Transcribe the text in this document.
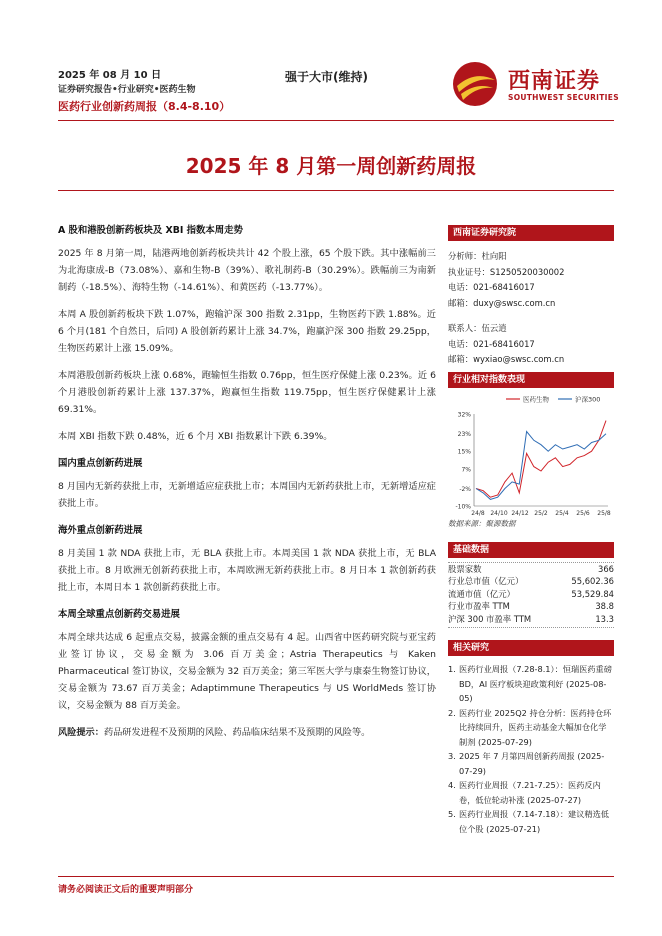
2025 年 08 月 10 日
证券研究报告•行业研究•医药生物
医药行业创新药周报（8.4-8.10）
强于大市(维持)	西南证券
SOUTHWEST SECURITIES
2025 年 8 月第一周创新药周报
A 股和港股创新药板块及 XBI 指数本周走势
2025 年 8 月第一周，陆港两地创新药板块共计 42 个股上涨，65 个股下跌。其中涨幅前三为北海康成-B（73.08%）、嘉和生物-B（39%）、歌礼制药-B（30.29%）。跌幅前三为南新制药（-18.5%）、海特生物（-14.61%）、和黄医药（-13.77%）。
本周 A 股创新药板块下跌 1.07%，跑输沪深 300 指数 2.31pp，生物医药下跌 1.88%。近 6 个月(181 个自然日，后同) A 股创新药累计上涨 34.7%，跑赢沪深 300 指数 29.25pp，生物医药累计上涨 15.09%。
本周港股创新药板块上涨 0.68%，跑输恒生指数 0.76pp，恒生医疗保健上涨 0.23%。近 6 个月港股创新药累计上涨 137.37%，跑赢恒生指数 119.75pp，恒生医疗保健累计上涨 69.31%。
本周 XBI 指数下跌 0.48%，近 6 个月 XBI 指数累计下跌 6.39%。
国内重点创新药进展
8 月国内无新药获批上市，无新增适应症获批上市；本周国内无新药获批上市，无新增适应症获批上市。
海外重点创新药进展
8 月美国 1 款 NDA 获批上市，无 BLA 获批上市。本周美国 1 款 NDA 获批上市，无 BLA 获批上市。8 月欧洲无创新药获批上市，本周欧洲无新药获批上市。8 月日本 1 款创新药获批上市，本周日本 1 款创新药获批上市。
本周全球重点创新药交易进展
本周全球共达成 6 起重点交易，披露金额的重点交易有 4 起。山西省中医药研究院与亚宝药业签订协议，交易金额为 3.06 百万美金；Astria Therapeutics 与 Kaken Pharmaceutical 签订协议，交易金额为 32 百万美金；第三军医大学与康泰生物签订协议，交易金额为 73.67 百万美金；Adaptimmune Therapeutics 与 US WorldMeds 签订协议，交易金额为 88 百万美金。
风险提示：药品研发进程不及预期的风险、药品临床结果不及预期的风险等。
西南证券研究院
分析师：杜向阳
执业证号：S1250520030002
电话：021-68416017
邮箱：duxy@swsc.com.cn
联系人：伍云逍
电话：021-68416017
邮箱：wyxiao@swsc.com.cn
行业相对指数表现
32%
23%
15%
7%
-2%
-10%
24/8 24/10 24/12 25/2 25/4 25/6 25/8
医药生物	沪深300
数据来源：聚源数据
基础数据
股票家数	366
行业总市值（亿元）	55,602.36
流通市值（亿元）	53,529.84
行业市盈率 TTM	38.8
沪深 300 市盈率 TTM	13.3
相关研究
1. 医药行业周报（7.28-8.1）：恒瑞医药重磅 BD，AI 医疗板块迎政策利好 (2025-08-05)
2. 医药行业 2025Q2 持仓分析：医药持仓环比持续回升，医药主动基金大幅加仓化学制剂 (2025-07-29)
3. 2025 年 7 月第四周创新药周报 (2025-07-29)
4. 医药行业周报（7.21-7.25）：医药反内卷，低位轮动补涨 (2025-07-27)
5. 医药行业周报（7.14-7.18）：建议精选低位个股 (2025-07-21)
请务必阅读正文后的重要声明部分
